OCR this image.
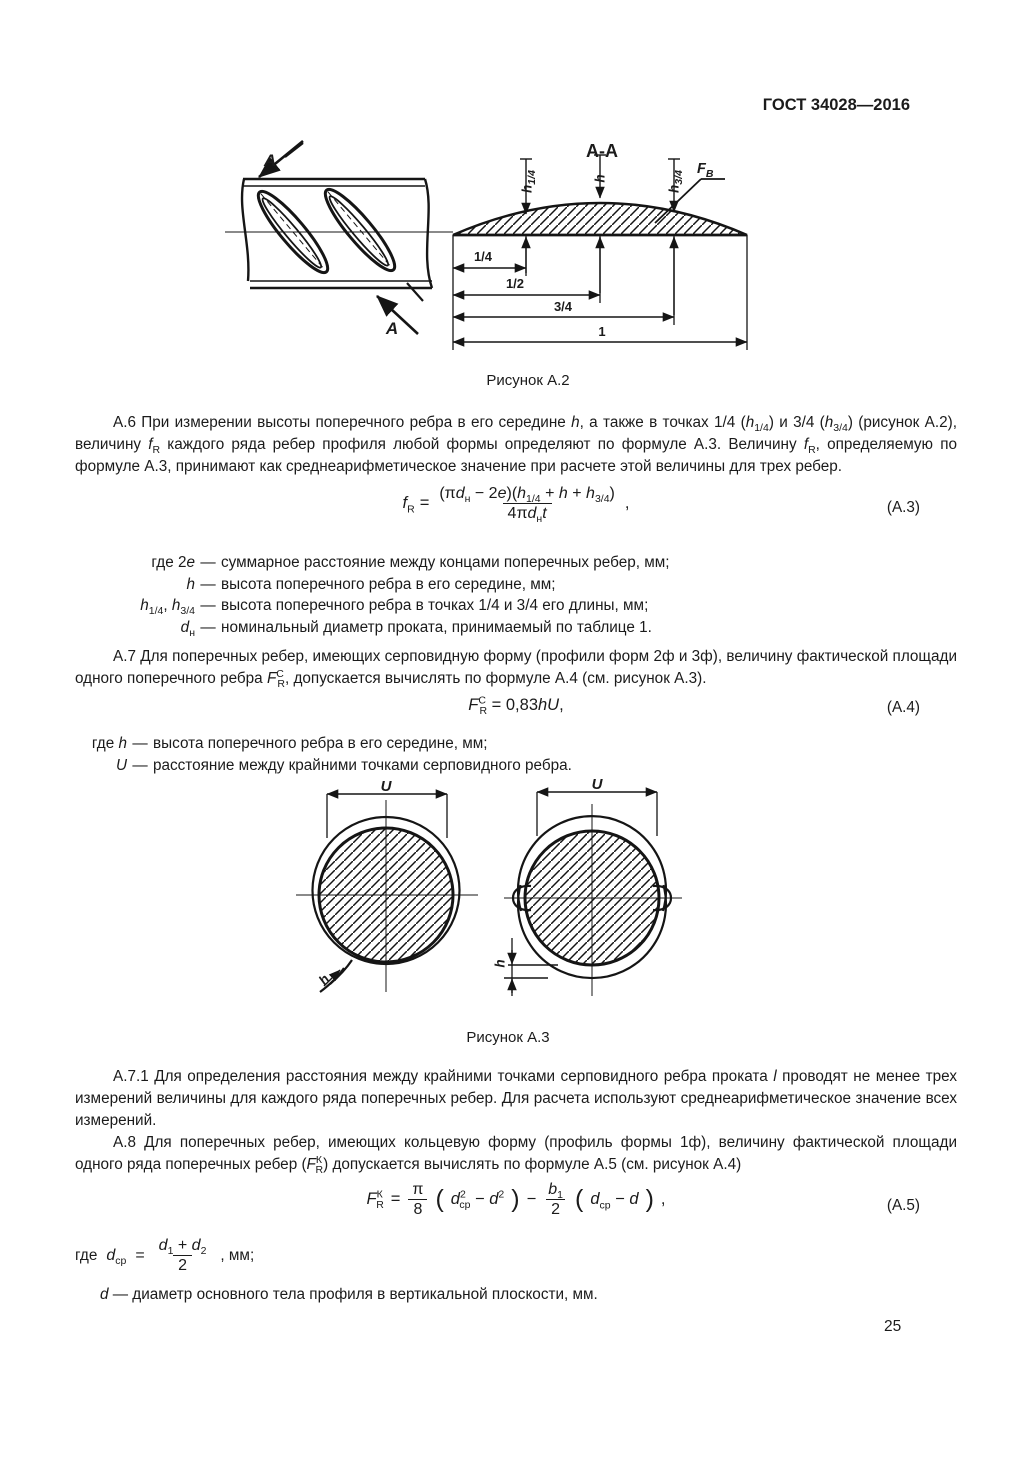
ГОСТ 34028—2016
А-А
А
А
$h_{1/4}$	h
$h_{3/4}$
$F_В$
1/4
1/2
3/4
1
Рисунок А.2
А.6 При измерении высоты поперечного ребра в его середине h, а также в точках 1/4 $(h_{1/4})$ и 3/4 $(h_{3/4})$ (рисунок А.2), величину $f_R$ каждого ряда ребер профиля любой формы определяют по формуле А.3. Величину $f_R$, определяемую по формуле А.3, принимают как среднеарифметическое значение при расчете этой величины для трех ребер.
$f_R = \frac{(\pi d_н - 2е)(h_{1/4} + h + h_{3/4})}{4\pi d_нt}$ ,	(А.3)
где 2е — суммарное расстояние между концами поперечных ребер, мм;
h — высота поперечного ребра в его середине, мм;
$h_{1/4}$, $h_{3/4}$ — высота поперечного ребра в точках 1/4 и 3/4 его длины, мм;
$d_н$ — номинальный диаметр проката, принимаемый по таблице 1.
А.7 Для поперечных ребер, имеющих серповидную форму (профили форм 2ф и 3ф), величину фактической площади одного поперечного ребра $F^С_R$, допускается вычислять по формуле А.4 (см. рисунок А.3).
$F^С_R = 0,83hU$,	(А.4)
где h — высота поперечного ребра в его середине, мм;
U — расстояние между крайними точками серповидного ребра.
U	U
h
h
Рисунок А.3
А.7.1 Для определения расстояния между крайними точками серповидного ребра проката l проводят не менее трех измерений величины для каждого ряда поперечных ребер. Для расчета используют среднеарифметическое значение всех измерений.
А.8 Для поперечных ребер, имеющих кольцевую форму (профиль формы 1ф), величину фактической площади одного ряда поперечных ребер $(F^К_R)$ допускается вычислять по формуле А.5 (см. рисунок А.4)
$F^К_R = \frac{\pi}{8}$ ( $d^2_{ср} - d^2$ ) − $\frac{b_1}{2}$ ( $d_{ср} - d$ ) ,	(А.5)
где $d_{ср} = \frac{d_1 + d_2}{2}$ , мм;
d — диаметр основного тела профиля в вертикальной плоскости, мм.
25
